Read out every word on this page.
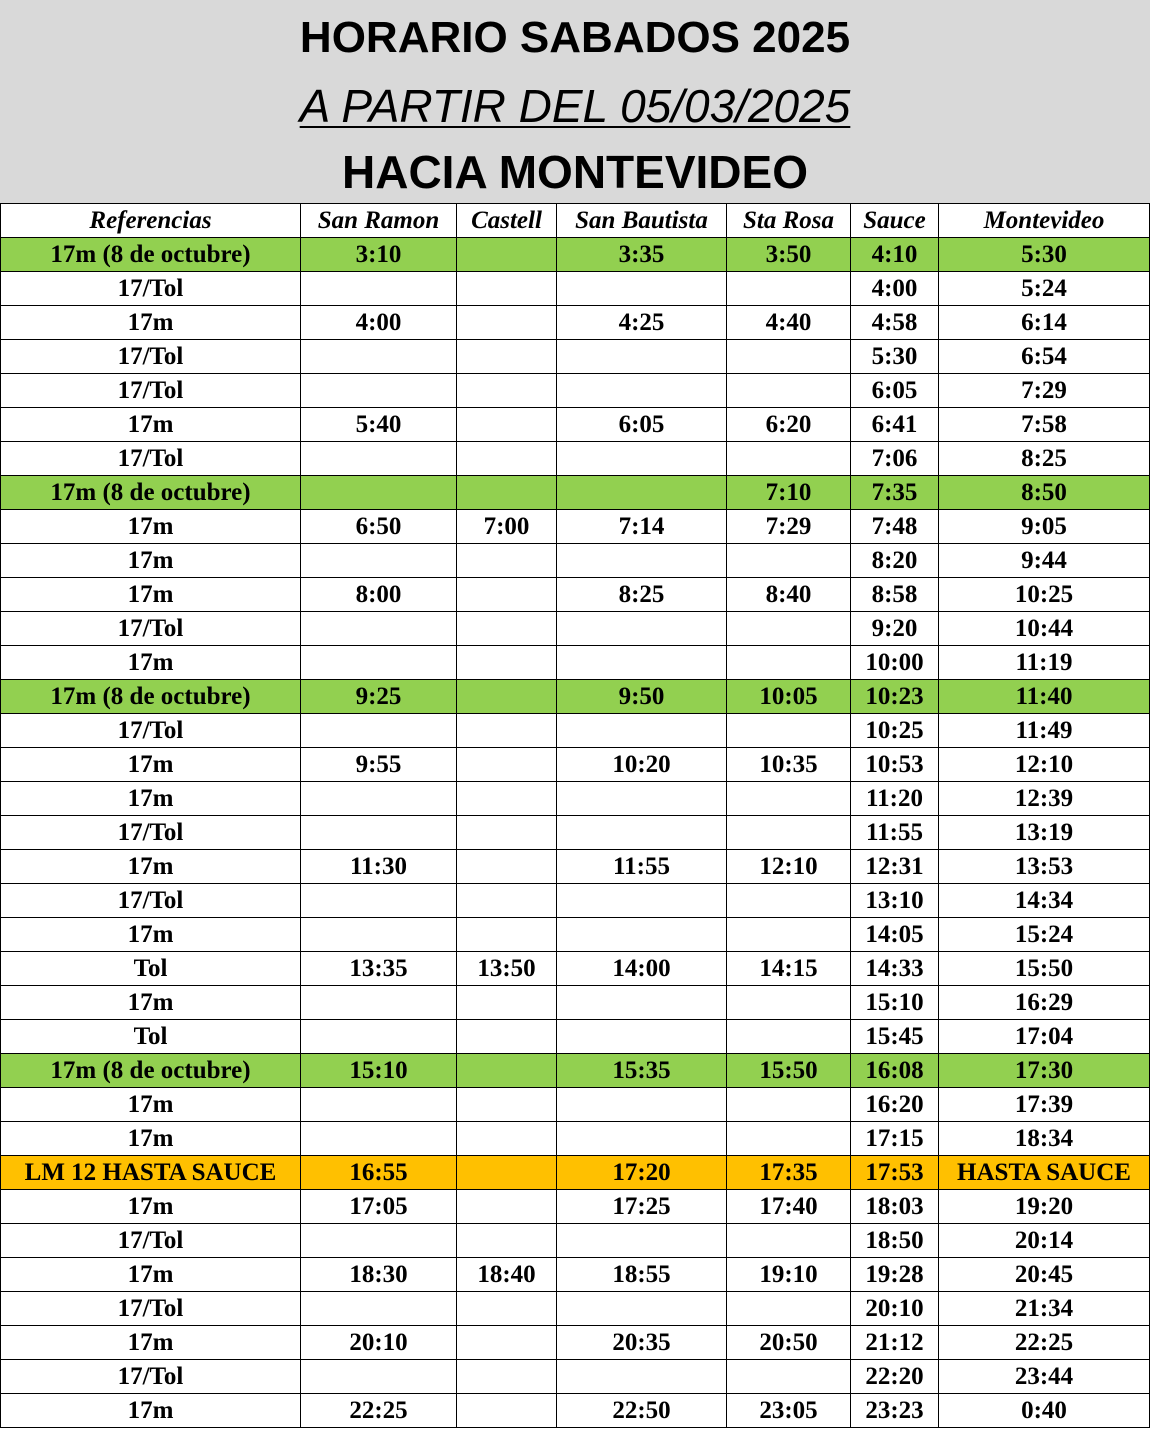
HORARIO SABADOS 2025
A PARTIR DEL 05/03/2025
HACIA MONTEVIDEO
Referencias	San Ramon	Castell	San Bautista	Sta Rosa	Sauce	Montevideo
17m (8 de octubre)	3:10		3:35	3:50	4:10	5:30
17/Tol					4:00	5:24
17m	4:00		4:25	4:40	4:58	6:14
17/Tol					5:30	6:54
17/Tol					6:05	7:29
17m	5:40		6:05	6:20	6:41	7:58
17/Tol					7:06	8:25
17m (8 de octubre)				7:10	7:35	8:50
17m	6:50	7:00	7:14	7:29	7:48	9:05
17m					8:20	9:44
17m	8:00		8:25	8:40	8:58	10:25
17/Tol					9:20	10:44
17m					10:00	11:19
17m (8 de octubre)	9:25		9:50	10:05	10:23	11:40
17/Tol					10:25	11:49
17m	9:55		10:20	10:35	10:53	12:10
17m					11:20	12:39
17/Tol					11:55	13:19
17m	11:30		11:55	12:10	12:31	13:53
17/Tol					13:10	14:34
17m					14:05	15:24
Tol	13:35	13:50	14:00	14:15	14:33	15:50
17m					15:10	16:29
Tol					15:45	17:04
17m (8 de octubre)	15:10		15:35	15:50	16:08	17:30
17m					16:20	17:39
17m					17:15	18:34
LM 12 HASTA SAUCE	16:55		17:20	17:35	17:53	HASTA SAUCE
17m	17:05		17:25	17:40	18:03	19:20
17/Tol					18:50	20:14
17m	18:30	18:40	18:55	19:10	19:28	20:45
17/Tol					20:10	21:34
17m	20:10		20:35	20:50	21:12	22:25
17/Tol					22:20	23:44
17m	22:25		22:50	23:05	23:23	0:40
